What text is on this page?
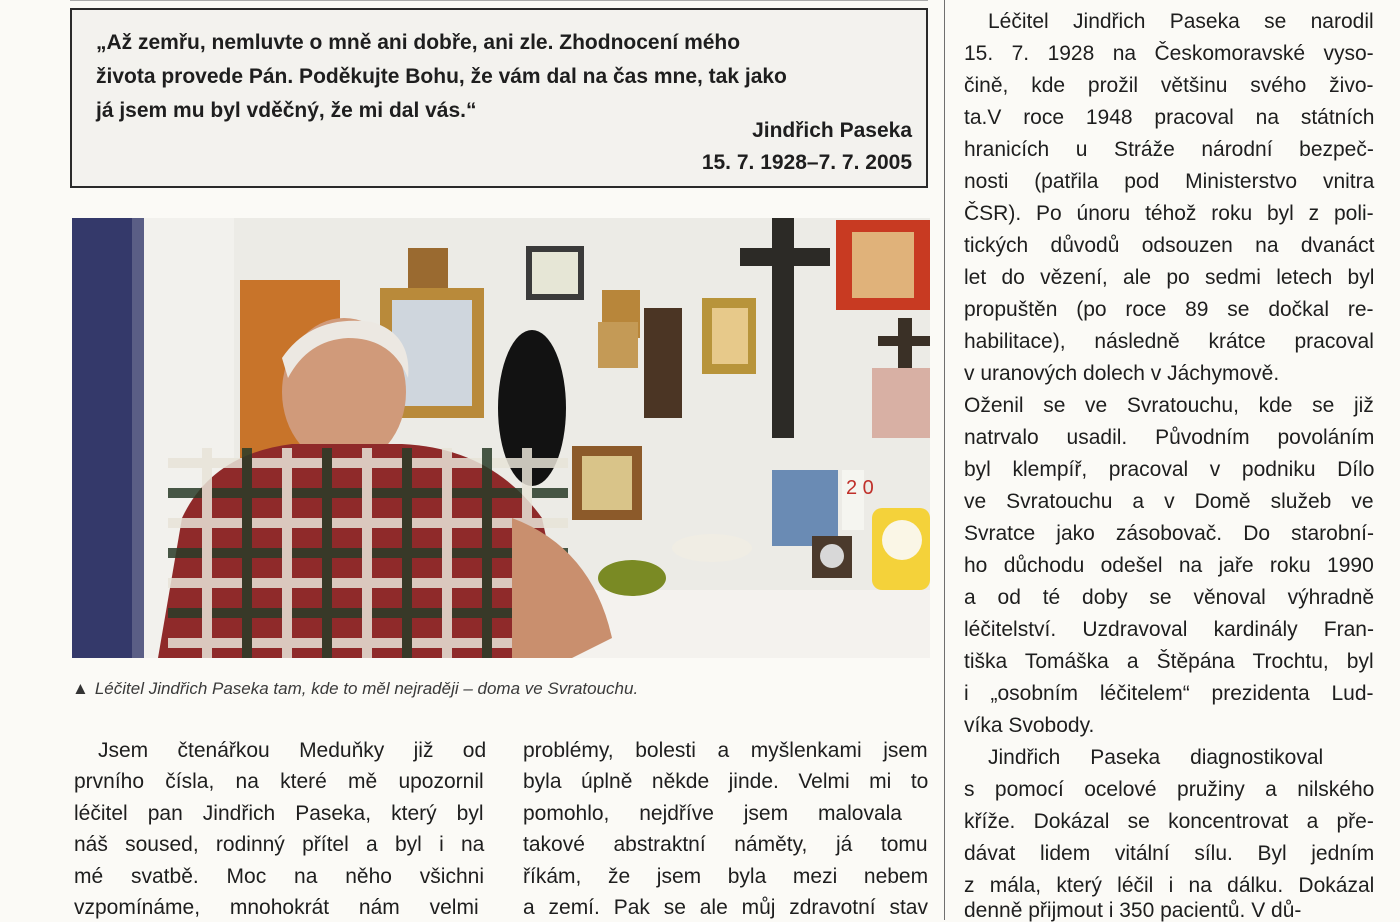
„Až zemřu, nemluvte o mně ani dobře, ani zle. Zhodnocení mého
života provede Pán. Poděkujte Bohu, že vám dal na čas mne, tak jako
já jsem mu byl vděčný, že mi dal vás.“
Jindřich Paseka
15. 7. 1928–7. 7. 2005
2 0
▲ Léčitel Jindřich Paseka tam, kde to měl nejraději – doma ve Svratouchu.
Jsem čtenářkou Meduňky již od
prvního čísla, na které mě upozornil
léčitel pan Jindřich Paseka, který byl
náš soused, rodinný přítel a byl i na
mé svatbě. Moc na něho všichni
vzpomínáme, mnohokrát nám velmi
problémy, bolesti a myšlenkami jsem
byla úplně někde jinde. Velmi mi to
pomohlo, nejdříve jsem malovala
takové abstraktní náměty, já tomu
říkám, že jsem byla mezi nebem
a zemí. Pak se ale můj zdravotní stav
Léčitel Jindřich Paseka se narodil
15. 7. 1928 na Českomoravské vyso-
čině, kde prožil většinu svého živo-
ta.V roce 1948 pracoval na státních
hranicích u Stráže národní bezpeč-
nosti (patřila pod Ministerstvo vnitra
ČSR). Po únoru téhož roku byl z poli-
tických důvodů odsouzen na dvanáct
let do vězení, ale po sedmi letech byl
propuštěn (po roce 89 se dočkal re-
habilitace), následně krátce pracoval
v uranových dolech v Jáchymově.
Oženil se ve Svratouchu, kde se již
natrvalo usadil. Původním povoláním
byl klempíř, pracoval v podniku Dílo
ve Svratouchu a v Domě služeb ve
Svratce jako zásobovač. Do starobní-
ho důchodu odešel na jaře roku 1990
a od té doby se věnoval výhradně
léčitelství. Uzdravoval kardinály Fran-
tiška Tomáška a Štěpána Trochtu, byl
i „osobním léčitelem“ prezidenta Lud-
víka Svobody.
Jindřich Paseka diagnostikoval
s pomocí ocelové pružiny a nilského
kříže. Dokázal se koncentrovat a pře-
dávat lidem vitální sílu. Byl jedním
z mála, který léčil i na dálku. Dokázal
denně přijmout i 350 pacientů. V dů-
